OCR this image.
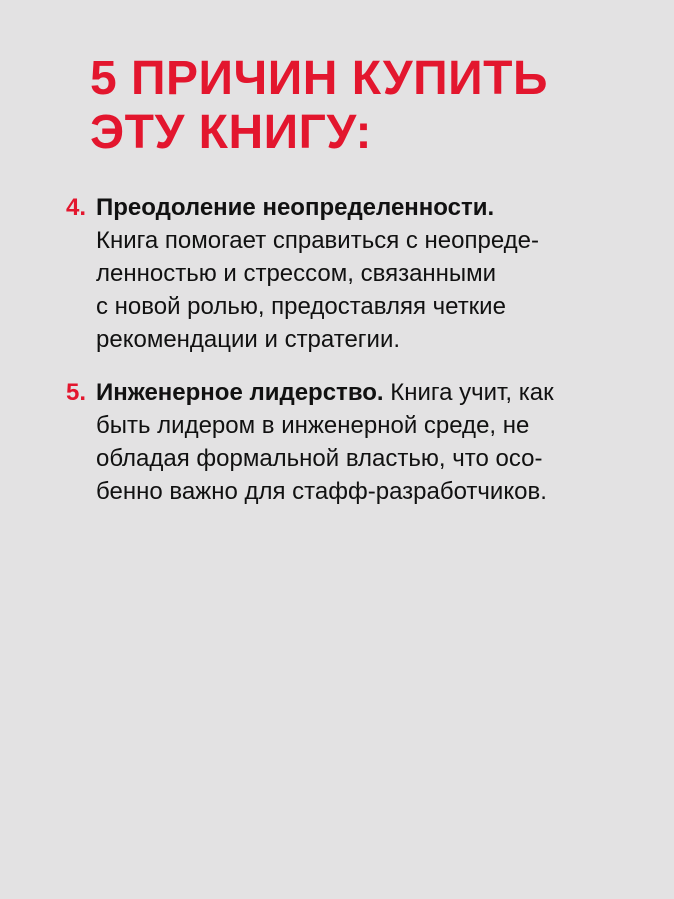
5 ПРИЧИН КУПИТЬ
ЭТУ КНИГУ:
4. Преодоление неопределенности.
Книга помогает справиться с неопреде-
ленностью и стрессом, связанными
с новой ролью, предоставляя четкие
рекомендации и стратегии.
5. Инженерное лидерство. Книга учит, как
быть лидером в инженерной среде, не
обладая формальной властью, что осо-
бенно важно для стафф-разработчиков.
